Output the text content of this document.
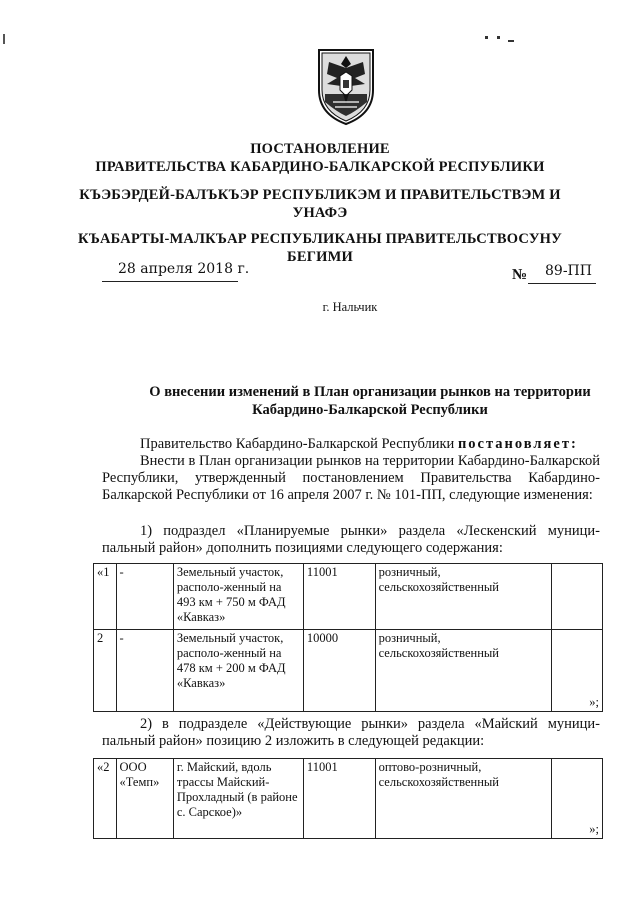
ПОСТАНОВЛЕНИЕ
ПРАВИТЕЛЬСТВА КАБАРДИНО-БАЛКАРСКОЙ РЕСПУБЛИКИ
КЪЭБЭРДЕЙ-БАЛЪКЪЭР РЕСПУБЛИКЭМ И ПРАВИТЕЛЬСТВЭМ И
УНАФЭ
КЪАБАРТЫ-МАЛКЪАР РЕСПУБЛИКАНЫ ПРАВИТЕЛЬСТВОСУНУ
БЕГИМИ
28 апреля 2018 г.	№ 89-ПП
г. Нальчик
О внесении изменений в План организации рынков на территории
Кабардино-Балкарской Республики
Правительство Кабардино-Балкарской Республики постановляет:
Внести в План организации рынков на территории Кабардино-Балкарской Республики, утвержденный постановлением Правительства Кабардино-Балкарской Республики от 16 апреля 2007 г. № 101-ПП, следующие изменения:
1) подраздел «Планируемые рынки» раздела «Лескенский муници-пальный район» дополнить позициями следующего содержания:
«1	-	Земельный участок, располо-женный на 493 км + 750 м ФАД «Кавказ»	11001	розничный, сельскохозяйственный	
2	-	Земельный участок, располо-женный на 478 км + 200 м ФАД «Кавказ»	10000	розничный, сельскохозяйственный	»;
2) в подразделе «Действующие рынки» раздела «Майский муници-пальный район» позицию 2 изложить в следующей редакции:
«2	ООО «Темп»	г. Майский, вдоль трассы Майский-Прохладный (в районе с. Сарское)»	11001	оптово-розничный, сельскохозяйственный	»;
